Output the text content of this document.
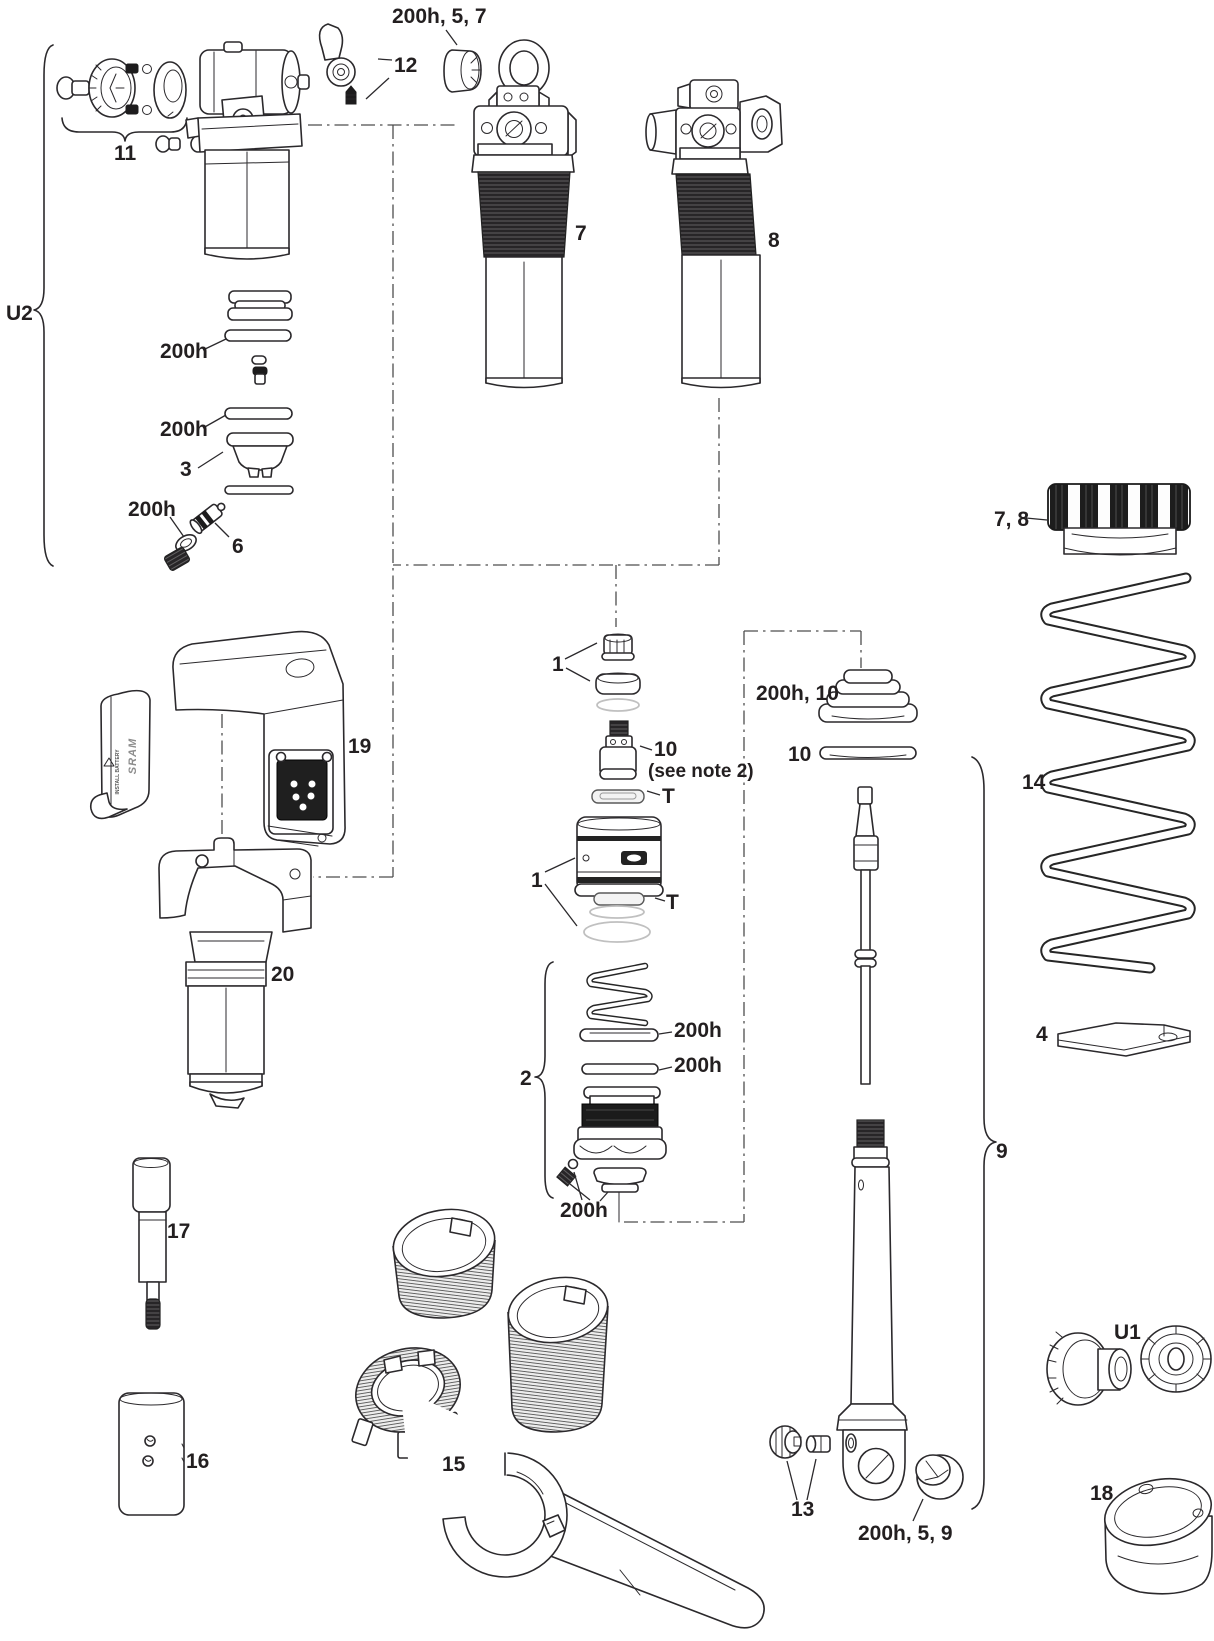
INSTALL BATTERY SRAM
200h, 5, 7
12
11
U2
7	8
200h
200h
3
200h
6
19
20
1
10
(see note 2)
T
1
T
200h, 10
10
2
200h
200h
200h
7, 8
14
4
9
17
16	15
13
200h, 5, 9
U1
18
